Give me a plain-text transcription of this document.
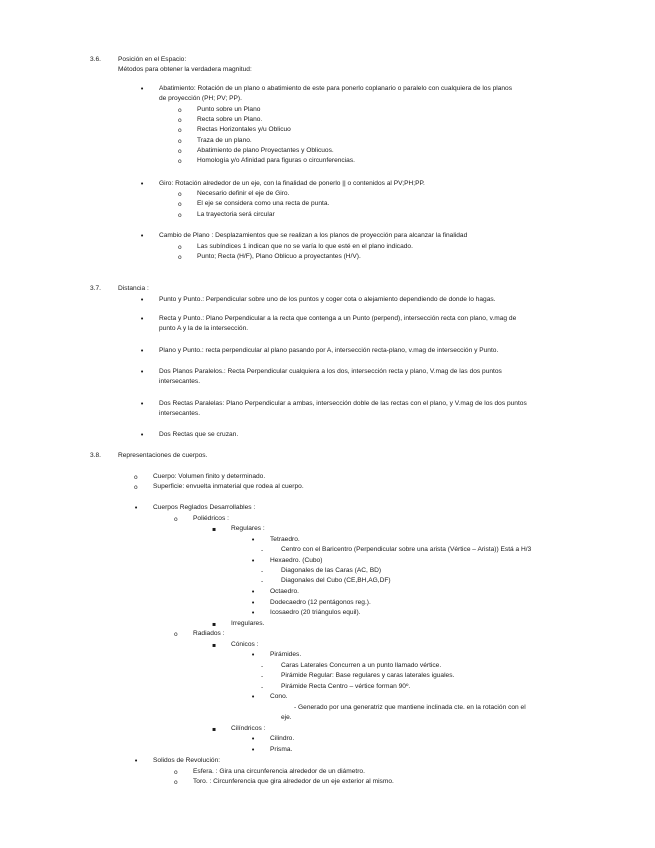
3.6.	Posición en el Espacio:
Métodos para obtener la verdadera magnitud:
•
Abatimiento: Rotación de un plano o abatimiento de este para ponerlo coplanario o paralelo con cualquiera de los planos
de proyección (PH; PV; PP).
o
Punto sobre un Plano
o
Recta sobre un Plano.
o
Rectas Horizontales y/u Oblicuo
o
Traza de un plano.
o
Abatimiento de plano Proyectantes y Oblicuos.
o
Homología y/o Afinidad para figuras o circunferencias.
•
Giro: Rotación alrededor de un eje, con la finalidad de ponerlo || o contenidos al PV;PH;PP.
o
Necesario definir el eje de Giro.
o
El eje se considera como una recta de punta.
o
La trayectoria será circular
•
Cambio de Plano : Desplazamientos que se realizan a los planos de proyección para alcanzar la finalidad
o
Las subíndices 1 indican que no se varía lo que esté en el plano indicado.
o
Punto; Recta (H/F), Plano Oblicuo a proyectantes (H/V).
3.7.	Distancia :
•
Punto y Punto.: Perpendicular sobre uno de los puntos y coger cota o alejamiento dependiendo de donde lo hagas.
•
Recta y Punto.: Plano Perpendicular a la recta que contenga a un Punto (perpend), intersección recta con plano, v.mag de
punto A y la de la intersección.
•
Plano y Punto.: recta perpendicular al plano pasando por A, intersección recta-plano, v.mag de intersección y Punto.
•
Dos Planos Paralelos.: Recta Perpendicular cualquiera a los dos, intersección recta y plano, V.mag de las dos puntos
intersecantes.
•
Dos Rectas Paralelas: Plano Perpendicular a ambas, intersección doble de las rectas con el plano, y V.mag de los dos puntos
intersecantes.
•
Dos Rectas que se cruzan.
3.8.	Representaciones de cuerpos.
o
Cuerpo: Volumen finito y determinado.
o
Superficie: envuelta inmaterial que rodea al cuerpo.
•
Cuerpos Reglados Desarrollables :
o
Poliédricos :
▪
Regulares :
•
Tetraedro.
-
Centro con el Baricentro (Perpendicular sobre una arista (Vértice – Arista)) Está a H/3
•
Hexaedro. (Cubo)
-
Diagonales de las Caras (AC, BD)
-
Diagonales del Cubo (CE,BH,AG,DF)
•
Octaedro.
•
Dodecaedro (12 pentágonos reg.).
•
Icosaedro (20 triángulos equil).
▪
Irregulares.
o
Radiados :
▪
Cónicos :
•
Pirámides.
-
Caras Laterales Concurren a un punto llamado vértice.
-
Pirámide Regular: Base regulares y caras laterales iguales.
-
Pirámide Recta Centro – vértice forman 90º.
•
Cono.
- Generado por una generatriz que mantiene inclinada cte. en la rotación con el
eje.
▪
Cilíndricos :
•
Cilindro.
•
Prisma.
•
Solidos de Revolución:
o
Esfera. : Gira una circunferencia alrededor de un diámetro.
o
Toro. : Circunferencia que gira alrededor de un eje exterior al mismo.
